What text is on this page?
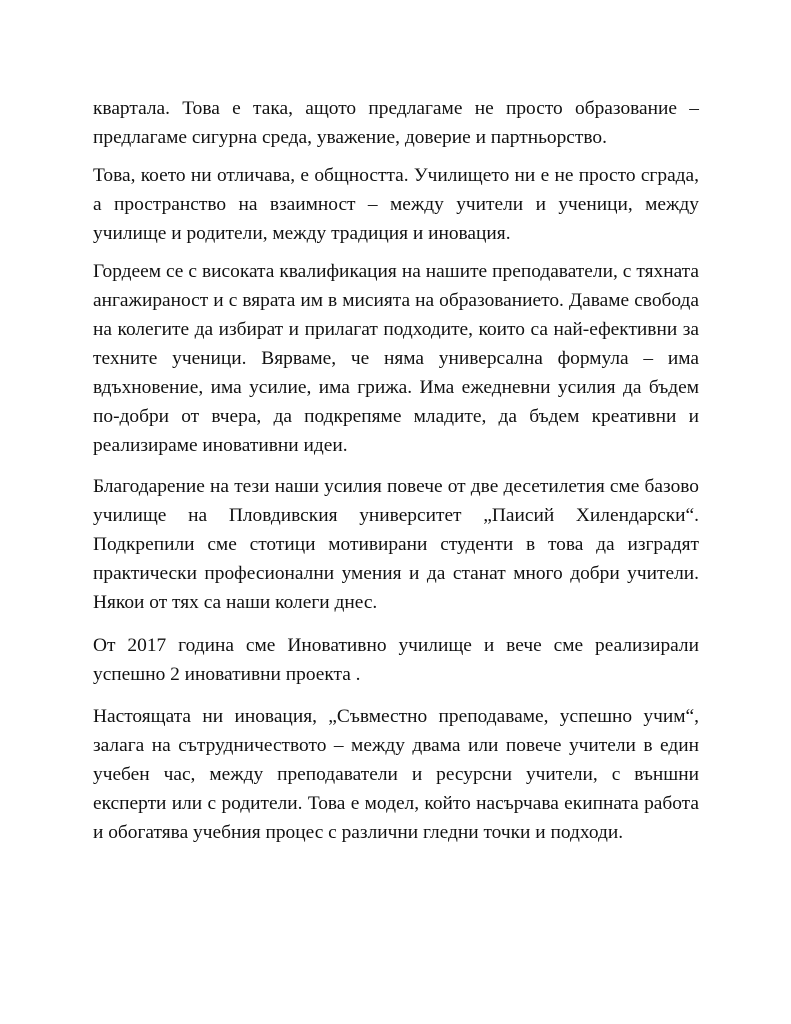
квартала. Това е така, ащото предлагаме не просто образование – предлагаме сигурна среда, уважение, доверие и партньорство.

Това, което ни отличава, е общността. Училището ни е не просто сграда, а пространство на взаимност – между учители и ученици, между училище и родители, между традиция и иновация.

Гордеем се с високата квалификация на нашите преподаватели, с тяхната ангажираност и с вярата им в мисията на образованието. Даваме свобода на колегите да избират и прилагат подходите, които са най-ефективни за техните ученици. Вярваме, че няма универсална формула – има вдъхновение, има усилие, има грижа. Има ежедневни усилия да бъдем по-добри от вчера, да подкрепяме младите, да бъдем креативни и реализираме иновативни идеи.

Благодарение на тези наши усилия повече от две десетилетия сме базово училище на Пловдивския университет „Паисий Хилендарски“. Подкрепили сме стотици мотивирани студенти в това да изградят практически професионални умения и да станат много добри учители. Някои от тях са наши колеги днес.

От 2017 година сме Иновативно училище и вече сме реализирали успешно 2 иновативни проекта .

Настоящата ни иновация, „Съвместно преподаваме, успешно учим“, залага на сътрудничеството – между двама или повече учители в един учебен час, между преподаватели и ресурсни учители, с външни експерти или с родители. Това е модел, който насърчава екипната работа и обогатява учебния процес с различни гледни точки и подходи.
